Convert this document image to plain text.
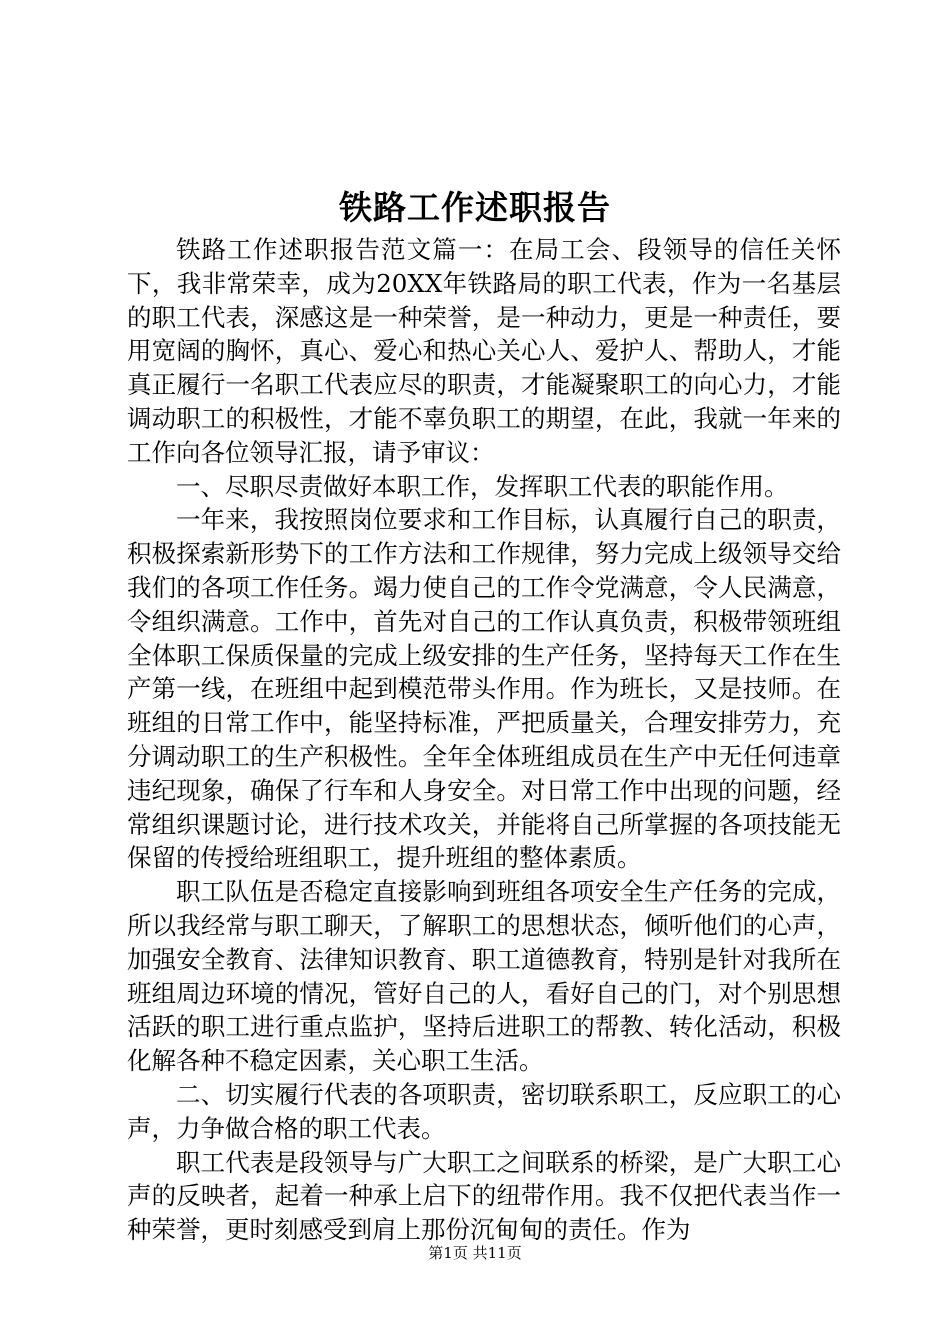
铁路工作述职报告

铁路工作述职报告范文篇一：在局工会、段领导的信任关怀下，我非常荣幸，成为20XX年铁路局的职工代表，作为一名基层的职工代表，深感这是一种荣誉，是一种动力，更是一种责任，要用宽阔的胸怀，真心、爱心和热心关心人、爱护人、帮助人，才能真正履行一名职工代表应尽的职责，才能凝聚职工的向心力，才能调动职工的积极性，才能不辜负职工的期望，在此，我就一年来的工作向各位领导汇报，请予审议：

一、尽职尽责做好本职工作，发挥职工代表的职能作用。

一年来，我按照岗位要求和工作目标，认真履行自己的职责，积极探索新形势下的工作方法和工作规律，努力完成上级领导交给我们的各项工作任务。竭力使自己的工作令党满意，令人民满意，令组织满意。工作中，首先对自己的工作认真负责，积极带领班组全体职工保质保量的完成上级安排的生产任务，坚持每天工作在生产第一线，在班组中起到模范带头作用。作为班长，又是技师。在班组的日常工作中，能坚持标准，严把质量关，合理安排劳力，充分调动职工的生产积极性。全年全体班组成员在生产中无任何违章违纪现象，确保了行车和人身安全。对日常工作中出现的问题，经常组织课题讨论，进行技术攻关，并能将自己所掌握的各项技能无保留的传授给班组职工，提升班组的整体素质。

职工队伍是否稳定直接影响到班组各项安全生产任务的完成，所以我经常与职工聊天，了解职工的思想状态，倾听他们的心声，加强安全教育、法律知识教育、职工道德教育，特别是针对我所在班组周边环境的情况，管好自己的人，看好自己的门，对个别思想活跃的职工进行重点监护，坚持后进职工的帮教、转化活动，积极化解各种不稳定因素，关心职工生活。

二、切实履行代表的各项职责，密切联系职工，反应职工的心声，力争做合格的职工代表。

职工代表是段领导与广大职工之间联系的桥梁，是广大职工心声的反映者，起着一种承上启下的纽带作用。我不仅把代表当作一种荣誉，更时刻感受到肩上那份沉甸甸的责任。作为

第1页 共11页
